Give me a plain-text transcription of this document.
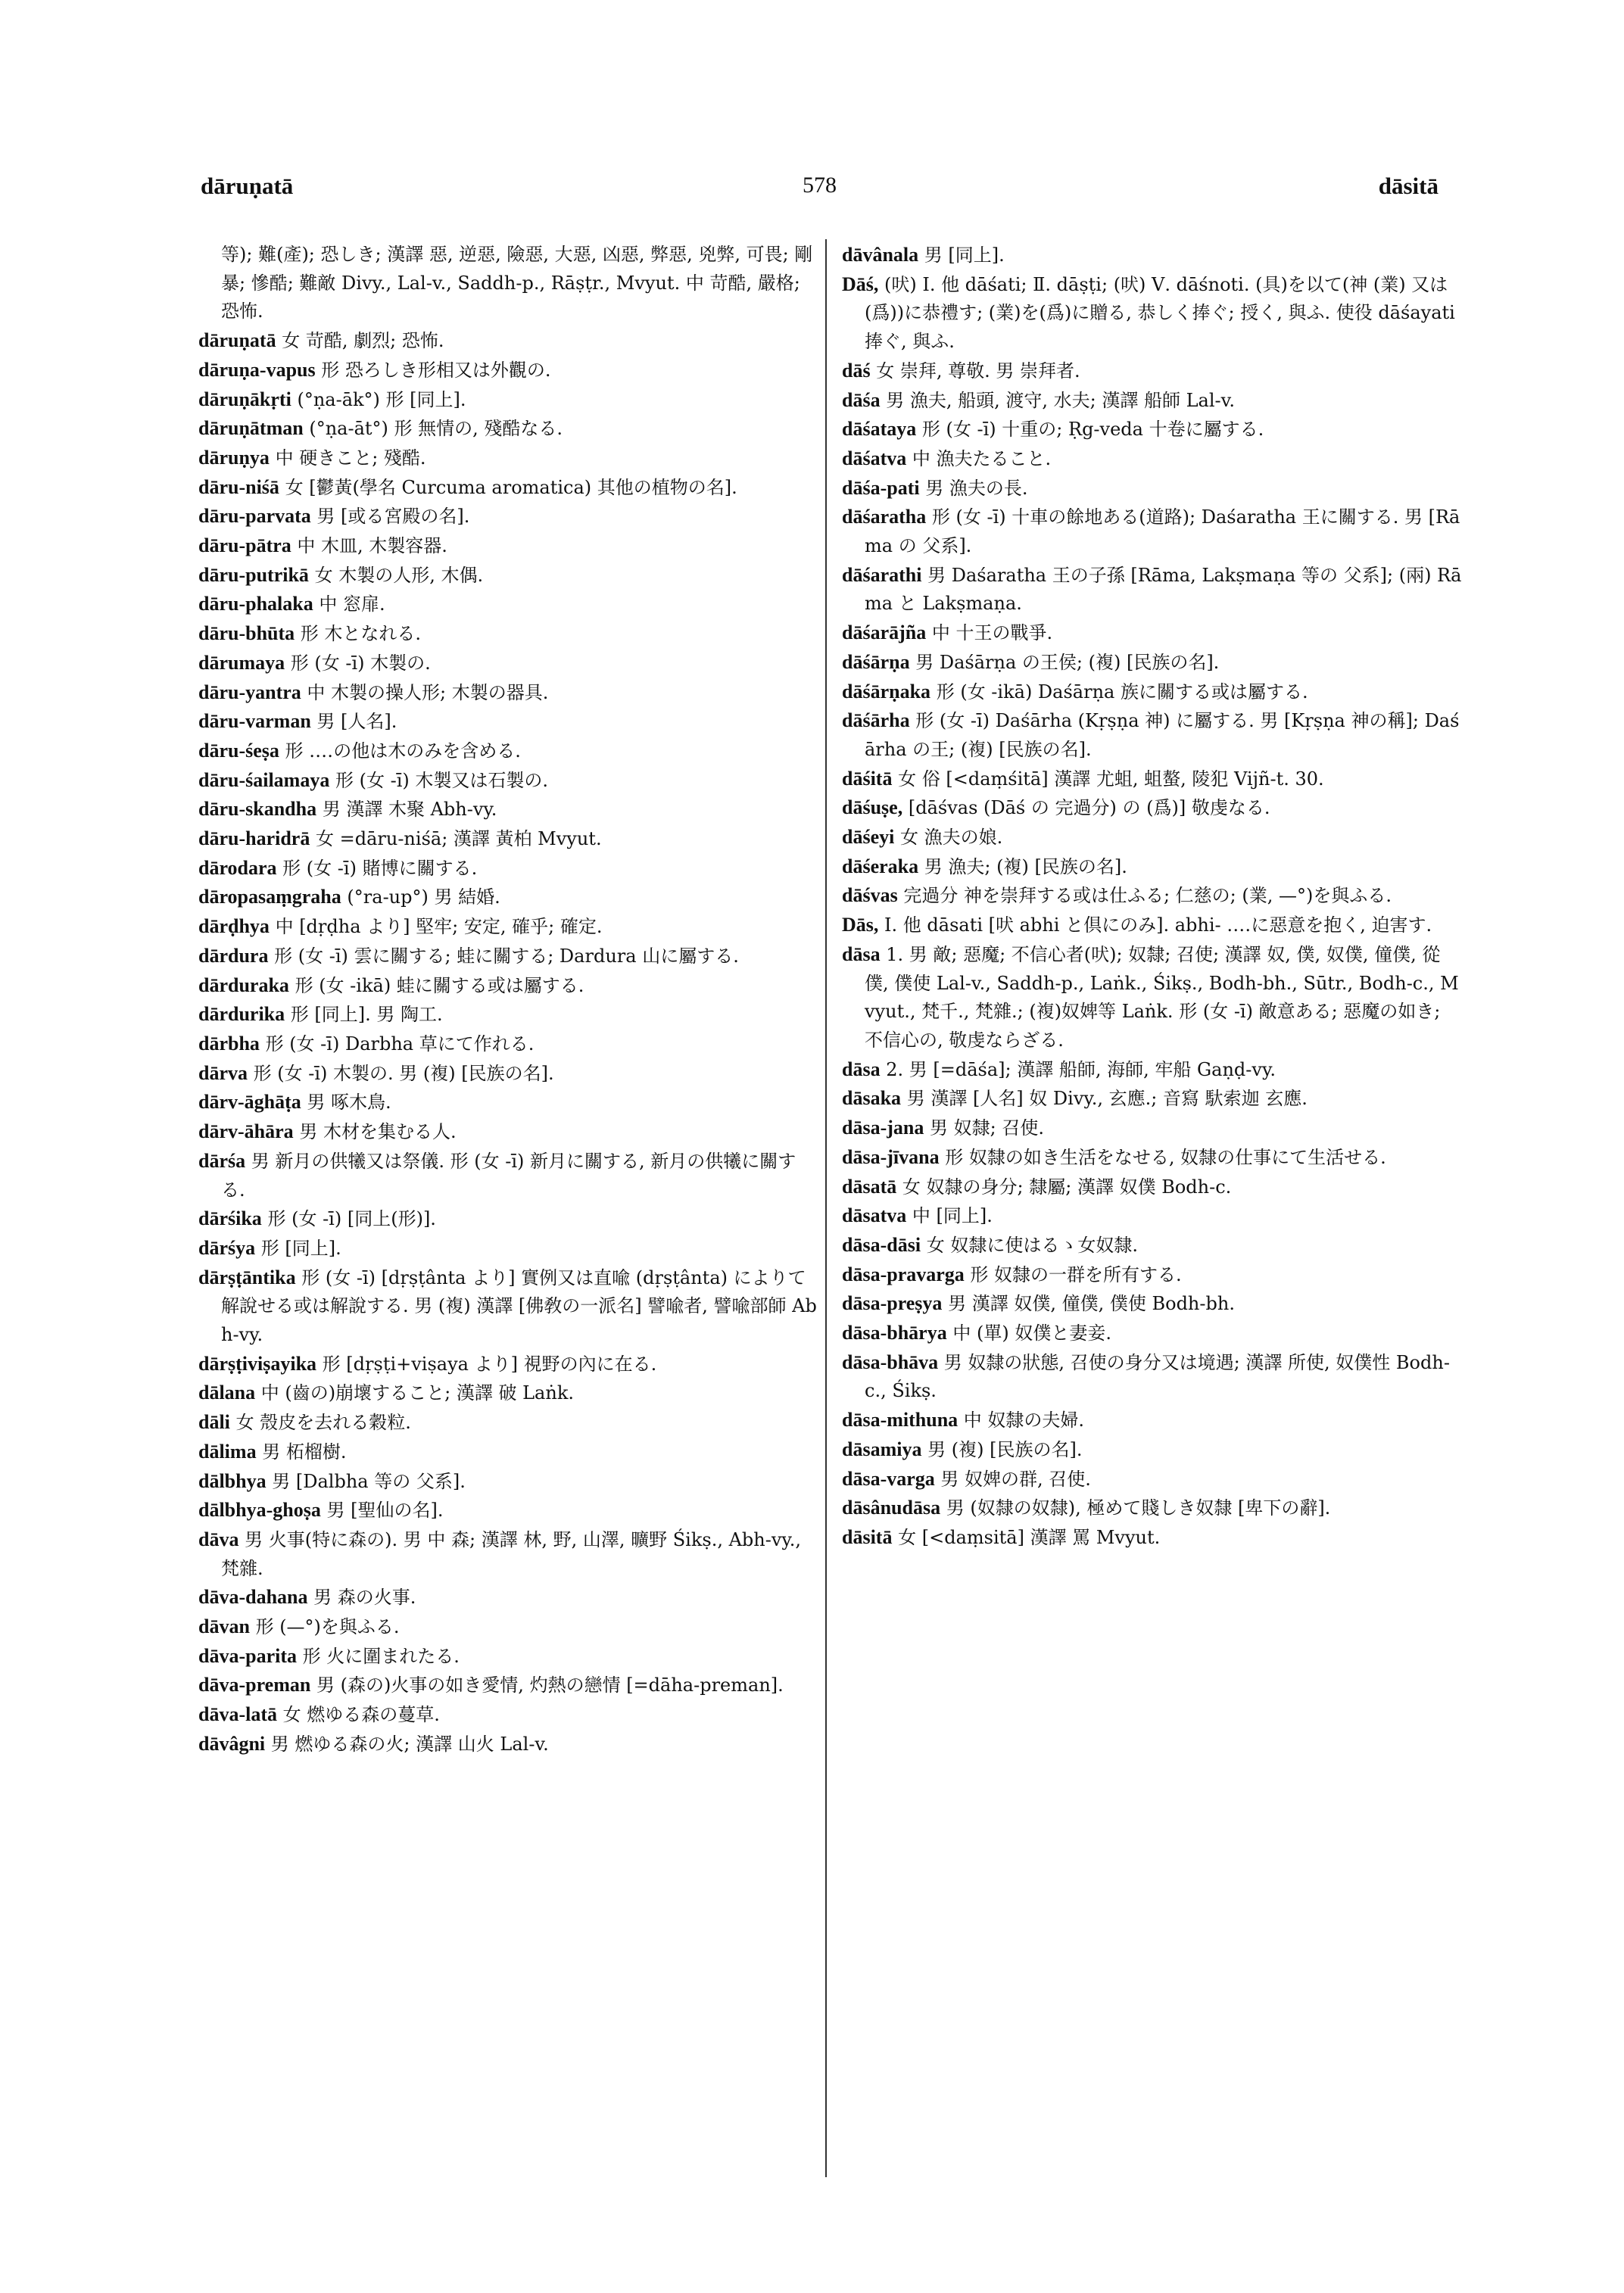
dāruṇatā	578	dāsitā

等); 難(產); 恐しき; 漢譯 惡, 逆惡, 險惡, 大惡, 凶惡, 弊惡, 兇弊, 可畏; 剛暴; 慘酷; 難敵 Divy., Lal-v., Saddh-p., Rāṣṭr., Mvyut. 中 苛酷, 嚴格; 恐怖.

dāruṇatā 女 苛酷, 劇烈; 恐怖.

dāruṇa-vapus 形 恐ろしき形相又は外觀の.

dāruṇākṛti (°ṇa-āk°) 形 [同上].

dāruṇātman (°ṇa-āt°) 形 無情の, 殘酷なる.

dāruṇya 中 硬きこと; 殘酷.

dāru-niśā 女 [鬱黃(學名 Curcuma aromatica) 其他の植物の名].

dāru-parvata 男 [或る宮殿の名].

dāru-pātra 中 木皿, 木製容器.

dāru-putrikā 女 木製の人形, 木偶.

dāru-phalaka 中 窓扉.

dāru-bhūta 形 木となれる.

dārumaya 形 (女 -ī) 木製の.

dāru-yantra 中 木製の操人形; 木製の器具.

dāru-varman 男 [人名].

dāru-śeṣa 形 ‥‥の他は木のみを含める.

dāru-śailamaya 形 (女 -ī) 木製又は石製の.

dāru-skandha 男 漢譯 木聚 Abh-vy.

dāru-haridrā 女 =dāru-niśā; 漢譯 黃柏 Mvyut.

dārodara 形 (女 -ī) 賭博に關する.

dāropasaṃgraha (°ra-up°) 男 結婚.

dārḍhya 中 [dṛḍha より] 堅牢; 安定, 確乎; 確定.

dārdura 形 (女 -ī) 雲に關する; 蛙に關する; Dardura 山に屬する.

dārduraka 形 (女 -ikā) 蛙に關する或は屬する.

dārdurika 形 [同上]. 男 陶工.

dārbha 形 (女 -ī) Darbha 草にて作れる.

dārva 形 (女 -ī) 木製の. 男 (複) [民族の名].

dārv-āghāṭa 男 啄木鳥.

dārv-āhāra 男 木材を集むる人.

dārśa 男 新月の供犧又は祭儀. 形 (女 -ī) 新月に關する, 新月の供犧に關する.

dārśika 形 (女 -ī) [同上(形)].

dārśya 形 [同上].

dārṣṭāntika 形 (女 -ī) [dṛṣṭânta より] 實例又は直喩 (dṛṣṭânta) によりて解說せる或は解說する. 男 (複) 漢譯 [佛敎の一派名] 譬喩者, 譬喩部師 Abh-vy.

dārṣṭiviṣayika 形 [dṛṣṭi+viṣaya より] 視野の內に在る.

dālana 中 (齒の)崩壞すること; 漢譯 破 Laṅk.

dāli 女 殼皮を去れる穀粒.

dālima 男 柘榴樹.

dālbhya 男 [Dalbha 等の 父系].

dālbhya-ghoṣa 男 [聖仙の名].

dāva 男 火事(特に森の). 男 中 森; 漢譯 林, 野, 山澤, 曠野 Śikṣ., Abh-vy., 梵雜.

dāva-dahana 男 森の火事.

dāvan 形 (—°)を與ふる.

dāva-parita 形 火に圍まれたる.

dāva-preman 男 (森の)火事の如き愛情, 灼熱の戀情 [=dāha-preman].

dāva-latā 女 燃ゆる森の蔓草.

dāvâgni 男 燃ゆる森の火; 漢譯 山火 Lal-v.

dāvânala 男 [同上].

Dāś, (吠) Ⅰ. 他 dāśati; Ⅱ. dāṣṭi; (吠) Ⅴ. dāśnoti. (具)を以て(神 (業) 又は (爲))に恭禮す; (業)を(爲)に贈る, 恭しく捧ぐ; 授く, 與ふ. 使役 dāśayati 捧ぐ, 與ふ.

dāś 女 崇拜, 尊敬. 男 崇拜者.

dāśa 男 漁夫, 船頭, 渡守, 水夫; 漢譯 船師 Lal-v.

dāśataya 形 (女 -ī) 十重の; Ṛg-veda 十卷に屬する.

dāśatva 中 漁夫たること.

dāśa-pati 男 漁夫の長.

dāśaratha 形 (女 -ī) 十車の餘地ある(道路); Daśaratha 王に關する. 男 [Rāma の 父系].

dāśarathi 男 Daśaratha 王の子孫 [Rāma, Lakṣmaṇa 等の 父系]; (兩) Rāma と Lakṣmaṇa.

dāśarājña 中 十王の戰爭.

dāśārṇa 男 Daśārṇa の王侯; (複) [民族の名].

dāśārṇaka 形 (女 -ikā) Daśārṇa 族に關する或は屬する.

dāśārha 形 (女 -ī) Daśārha (Kṛṣṇa 神) に屬する. 男 [Kṛṣṇa 神の稱]; Daśārha の王; (複) [民族の名].

dāśitā 女 俗 [<daṃśitā] 漢譯 尤蛆, 蛆螯, 陵犯 Vijñ-t. 30.

dāśuṣe, [dāśvas (Dāś の 完過分) の (爲)] 敬虔なる.

dāśeyi 女 漁夫の娘.

dāśeraka 男 漁夫; (複) [民族の名].

dāśvas 完過分 神を崇拜する或は仕ふる; 仁慈の; (業, —°)を與ふる.

Dās, Ⅰ. 他 dāsati [吠 abhi と倶にのみ]. abhi- ‥‥に惡意を抱く, 迫害す.

dāsa 1. 男 敵; 惡魔; 不信心者(吠); 奴隸; 召使; 漢譯 奴, 僕, 奴僕, 僮僕, 從僕, 僕使 Lal-v., Saddh-p., Laṅk., Śikṣ., Bodh-bh., Sūtr., Bodh-c., Mvyut., 梵千., 梵雜.; (複)奴婢等 Laṅk. 形 (女 -ī) 敵意ある; 惡魔の如き; 不信心の, 敬虔ならざる.

dāsa 2. 男 [=dāśa]; 漢譯 船師, 海師, 牢船 Gaṇḍ-vy.

dāsaka 男 漢譯 [人名] 奴 Divy., 玄應.; 音寫 馱索迦 玄應.

dāsa-jana 男 奴隸; 召使.

dāsa-jīvana 形 奴隸の如き生活をなせる, 奴隸の仕事にて生活せる.

dāsatā 女 奴隸の身分; 隸屬; 漢譯 奴僕 Bodh-c.

dāsatva 中 [同上].

dāsa-dāsi 女 奴隸に使はるゝ女奴隸.

dāsa-pravarga 形 奴隸の一群を所有する.

dāsa-preṣya 男 漢譯 奴僕, 僮僕, 僕使 Bodh-bh.

dāsa-bhārya 中 (單) 奴僕と妻妾.

dāsa-bhāva 男 奴隸の狀態, 召使の身分又は境遇; 漢譯 所使, 奴僕性 Bodh-c., Śikṣ.

dāsa-mithuna 中 奴隸の夫婦.

dāsamiya 男 (複) [民族の名].

dāsa-varga 男 奴婢の群, 召使.

dāsânudāsa 男 (奴隸の奴隸), 極めて賤しき奴隸 [卑下の辭].

dāsitā 女 [<daṃsitā] 漢譯 罵 Mvyut.
